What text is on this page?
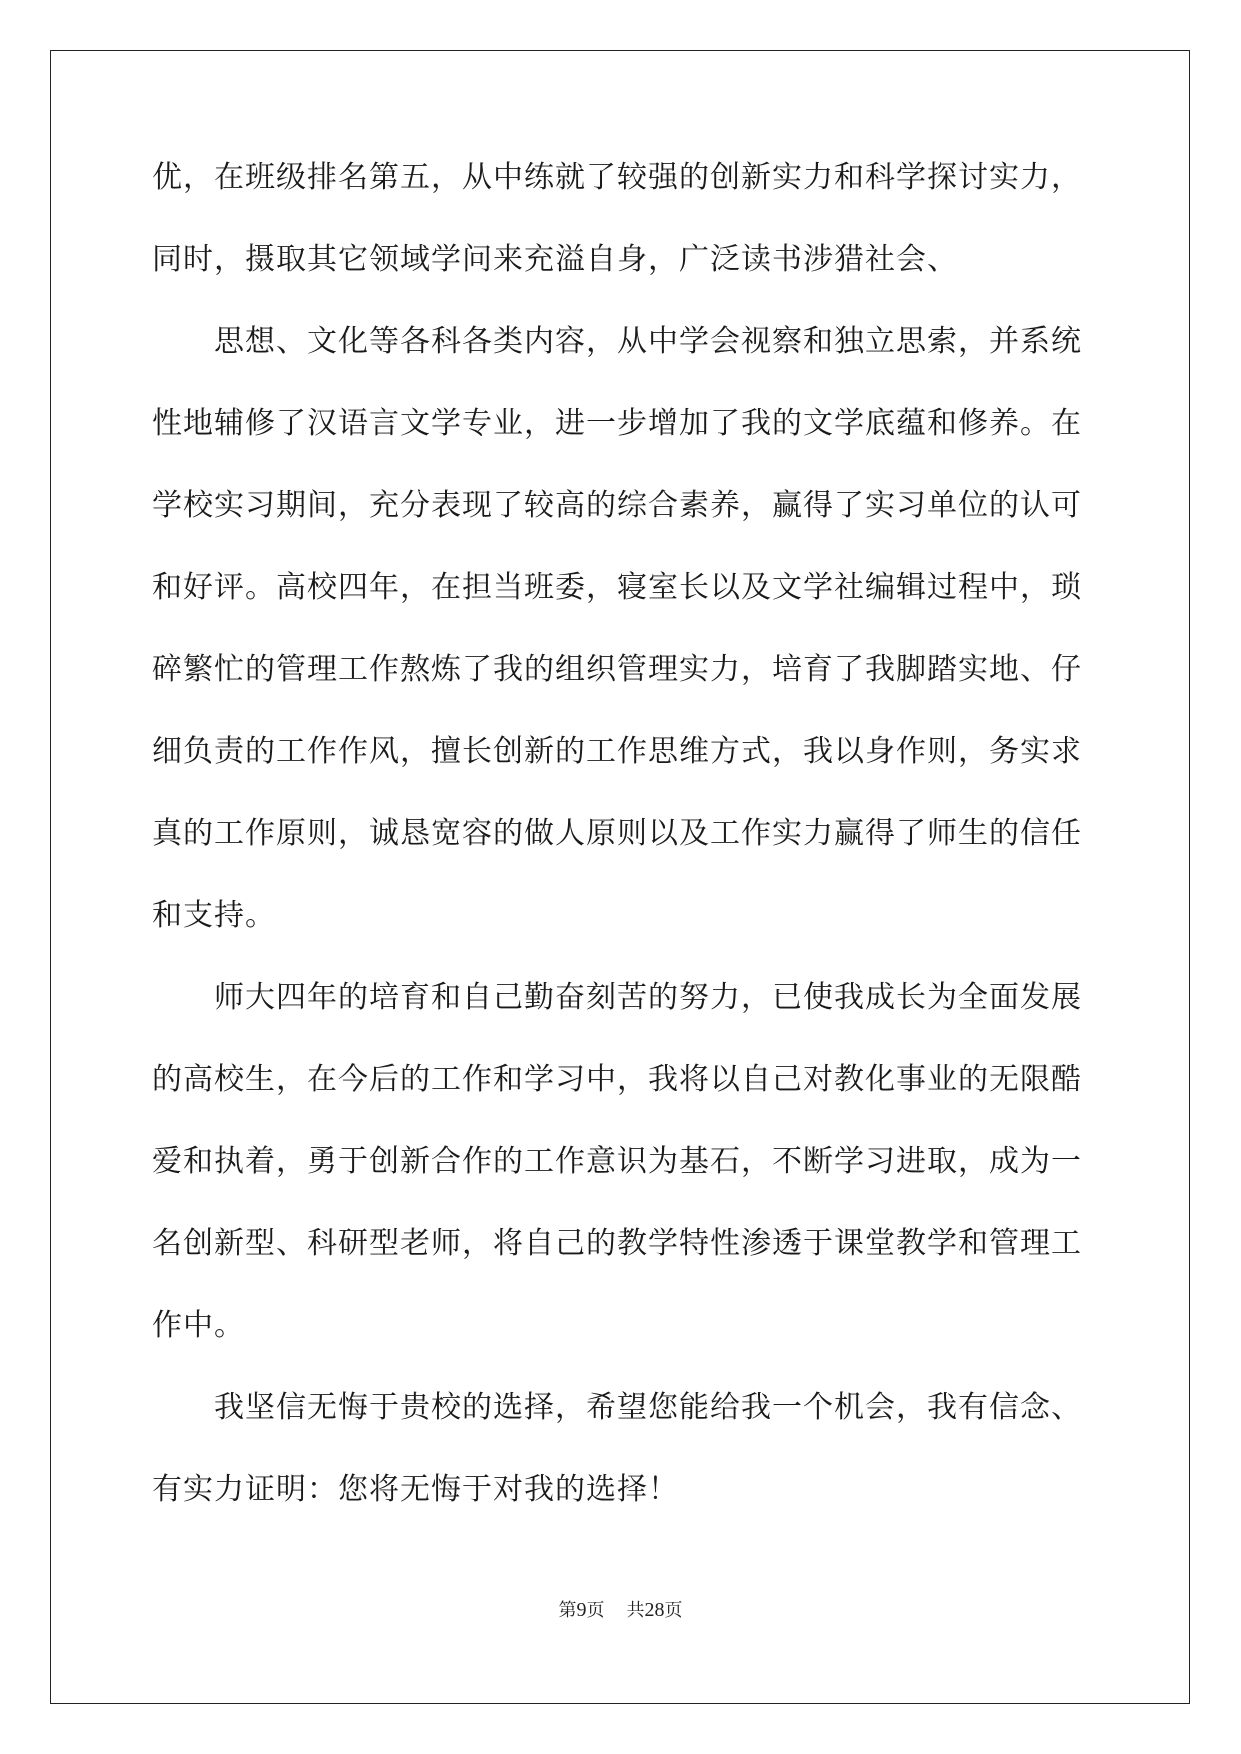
优，在班级排名第五，从中练就了较强的创新实力和科学探讨实力，
同时，摄取其它领域学问来充溢自身，广泛读书涉猎社会、
思想、文化等各科各类内容，从中学会视察和独立思索，并系统
性地辅修了汉语言文学专业，进一步增加了我的文学底蕴和修养。在
学校实习期间，充分表现了较高的综合素养，赢得了实习单位的认可
和好评。高校四年，在担当班委，寝室长以及文学社编辑过程中，琐
碎繁忙的管理工作熬炼了我的组织管理实力，培育了我脚踏实地、仔
细负责的工作作风，擅长创新的工作思维方式，我以身作则，务实求
真的工作原则，诚恳宽容的做人原则以及工作实力赢得了师生的信任
和支持。
师大四年的培育和自己勤奋刻苦的努力，已使我成长为全面发展
的高校生，在今后的工作和学习中，我将以自己对教化事业的无限酷
爱和执着，勇于创新合作的工作意识为基石，不断学习进取，成为一
名创新型、科研型老师，将自己的教学特性渗透于课堂教学和管理工
作中。
我坚信无悔于贵校的选择，希望您能给我一个机会，我有信念、
有实力证明：您将无悔于对我的选择！
第9页 共28页
